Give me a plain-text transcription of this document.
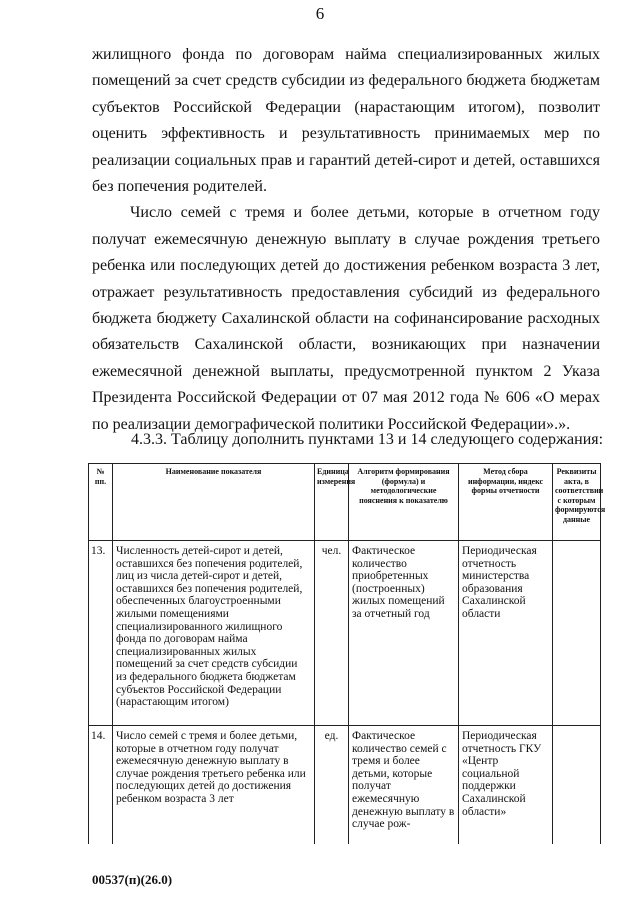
6

жилищного фонда по договорам найма специализированных жилых помещений за счет средств субсидии из федерального бюджета бюджетам субъектов Российской Федерации (нарастающим итогом), позволит оценить эффективность и результативность принимаемых мер по реализации социальных прав и гарантий детей-сирот и детей, оставшихся без попечения родителей.

Число семей с тремя и более детьми, которые в отчетном году получат ежемесячную денежную выплату в случае рождения третьего ребенка или последующих детей до достижения ребенком возраста 3 лет, отражает результативность предоставления субсидий из федерального бюджета бюджету Сахалинской области на софинансирование расходных обязательств Сахалинской области, возникающих при назначении ежемесячной денежной выплаты, предусмотренной пунктом 2 Указа Президента Российской Федерации от 07 мая 2012 года № 606 «О мерах по реализации демографической политики Российской Федерации».».

4.3.3. Таблицу дополнить пунктами 13 и 14 следующего содержания:
№ пп.	Наименование показателя	Единица измерения	Алгоритм формирования (формула) и методологические пояснения к показателю	Метод сбора информации, индекс формы отчетности	Реквизиты акта, в соответствии с которым формируются данные
13.	Численность детей-сирот и детей, оставшихся без попечения родителей, лиц из числа детей-сирот и детей, оставшихся без попечения родителей, обеспеченных благоустроенными жилыми помещениями специализированного жилищного фонда по договорам найма специализированных жилых помещений за счет средств субсидии из федерального бюджета бюджетам субъектов Российской Федерации (нарастающим итогом)	чел.	Фактическое количество приобретенных (построенных) жилых помещений за отчетный год	Периодическая отчетность министерства образования Сахалинской области	
14.	Число семей с тремя и более детьми, которые в отчетном году получат ежемесячную денежную выплату в случае рождения третьего ребенка или последующих детей до достижения ребенком возраста 3 лет	ед.	Фактическое количество семей с тремя и более детьми, которые получат ежемесячную денежную выплату в случае рож-	Периодическая отчетность ГКУ «Центр социальной поддержки Сахалинской области»	
00537(п)(26.0)
